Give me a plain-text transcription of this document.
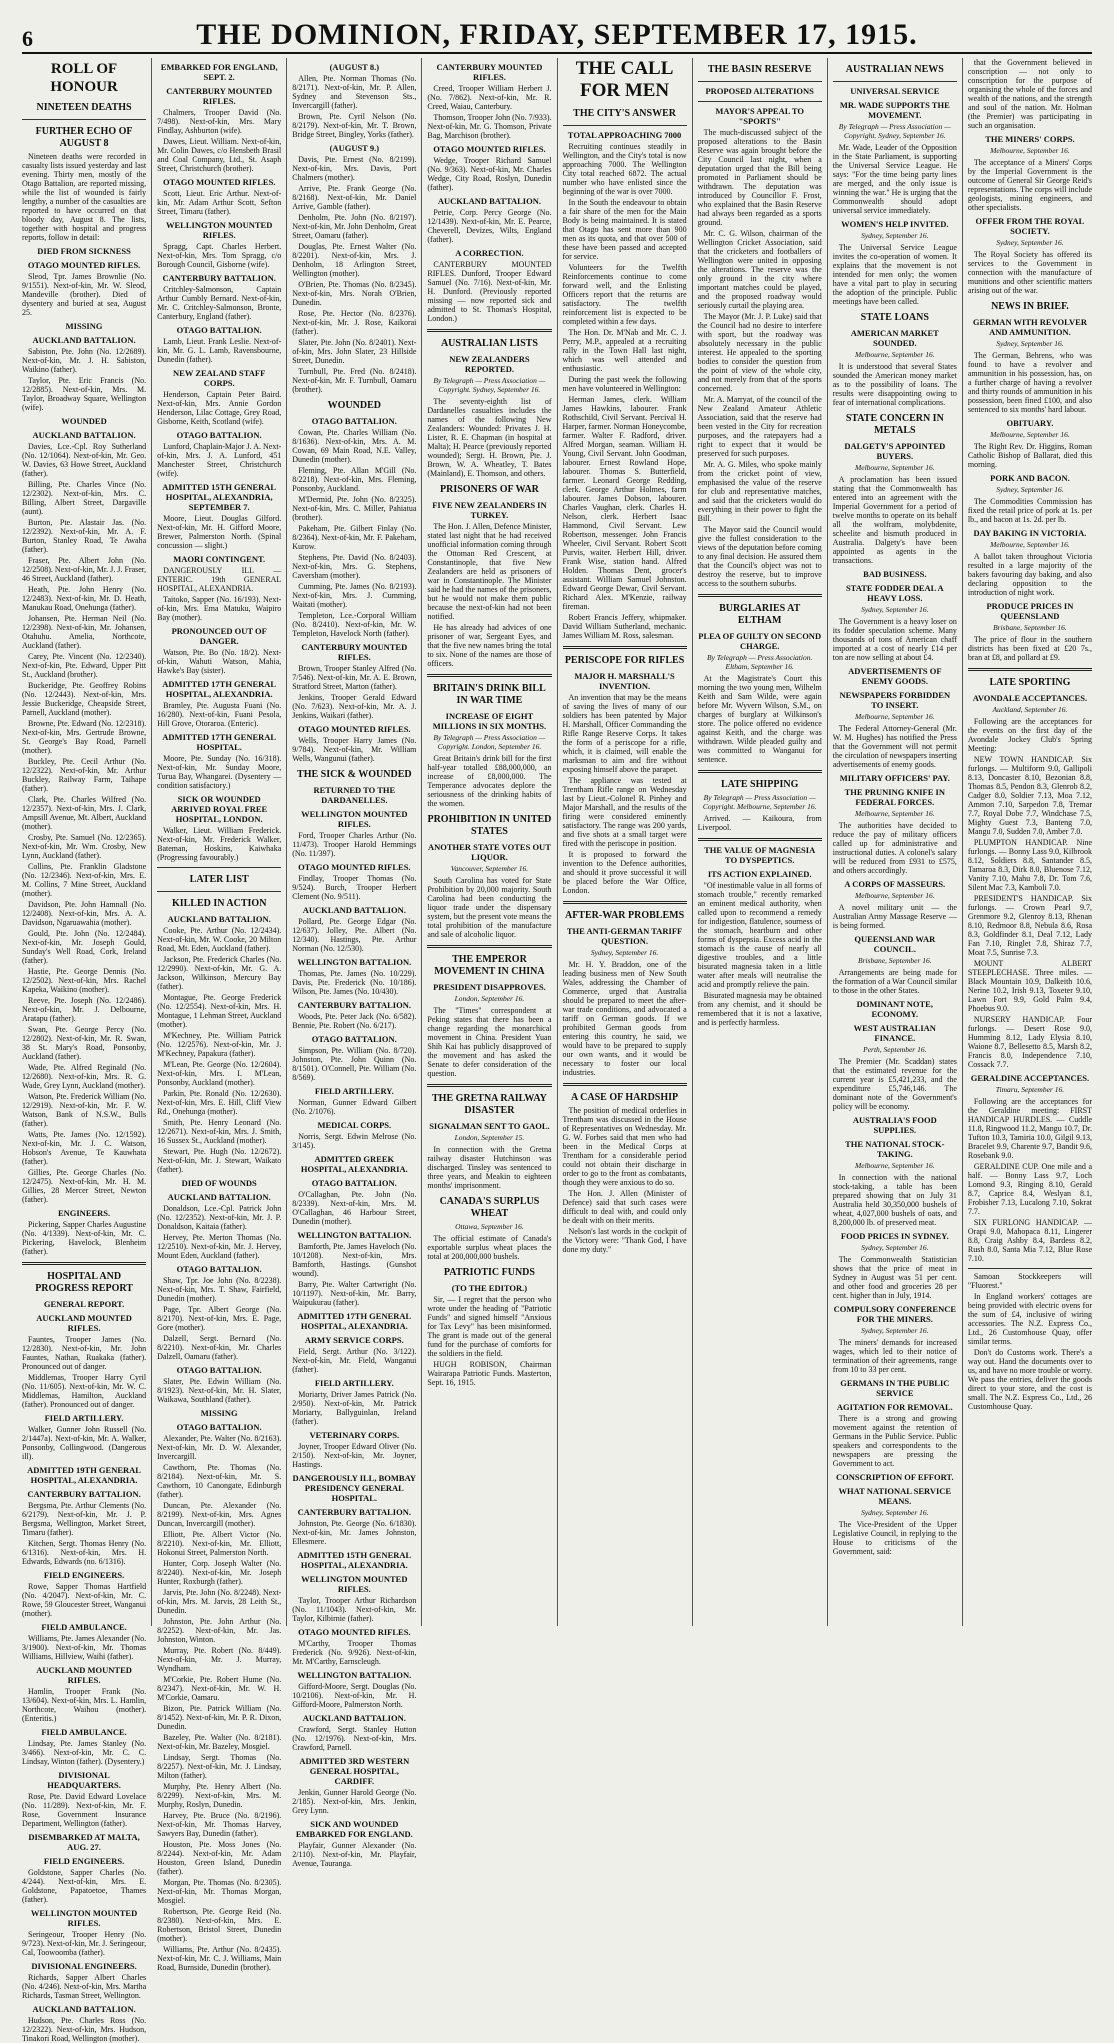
6	THE DOMINION, FRIDAY, SEPTEMBER 17, 1915.
ROLL OF HONOUR
NINETEEN DEATHS
FURTHER ECHO OF AUGUST 8

Nineteen deaths were recorded in casualty lists issued yesterday and last evening. Thirty men, mostly of the Otago Battalion, are reported missing, while the list of wounded is fairly lengthy, a number of the casualties are reported to have occurred on that bloody day, August 8. The lists, together with hospital and progress reports, follow in detail:

DIED FROM SICKNESS
OTAGO MOUNTED RIFLES.

Sleod, Tpr. James Brownlie (No. 9/1551). Next-of-kin, Mr. W. Sleod, Mandeville (brother). Died of dysentery and buried at sea, August 25.

MISSING
AUCKLAND BATTALION.

Sabiston, Pte. John (No. 12/2689). Next-of-kin, Mr. J. H. Sabiston, Waikino (father).

Taylor, Pte. Eric Francis (No. 12/2885). Next-of-kin, Mrs. M. Taylor, Broadway Square, Wellington (wife).

WOUNDED
AUCKLAND BATTALION.

Davies, Lce.-Cpl. Roy Sutherland (No. 12/1064). Next-of-kin, Mr. Geo. W. Davies, 63 Howe Street, Auckland (father).

Billing, Pte. Charles Vince (No. 12/2302). Next-of-kin, Mrs. C. Billing, Albert Street, Dargaville (aunt).

Burton, Pte. Alastair Jas. (No. 12/2392). Next-of-kin, Mr. A. F. Burton, Stanley Road, Te Awaha (father).

Fraser, Pte. Albert John (No. 12/2508). Next-of-kin, Mr. J. J. Fraser, 46 Street, Auckland (father).

Heath, Pte. John Henry (No. 12/2483). Next-of-kin, Mr. D. Heath, Manukau Road, Onehunga (father).

Johansen, Pte. Herman Neil (No. 12/2398). Next-of-kin, Mr. Johansen, Otahuhu. Amelia, Northcote, Auckland (father).

Carey, Pte. Vincent (No. 12/2340). Next-of-kin, Pte. Edward, Upper Pitt St., Auckland (brother).

Buckeridge, Pte. Geoffrey Robins (No. 12/2443). Next-of-kin, Mrs. Jessie Buckeridge, Cheapside Street, Parnell, Auckland (mother).

Browne, Pte. Edward (No. 12/2318). Next-of-kin, Mrs. Gertrude Browne, St. George's Bay Road, Parnell (mother).

Buckley, Pte. Cecil Arthur (No. 12/2322). Next-of-kin, Mr. Arthur Buckley, Railway Farm, Taihape (father).

Clark, Pte. Charles Wilfred (No. 12/2357). Next-of-kin, Mrs. J. Clark, Ampsill Avenue, Mt. Albert, Auckland (mother).

Crosby, Pte. Samuel (No. 12/2365). Next-of-kin, Mr. Wm. Crosby, New Lynn, Auckland (father).

Collins, Pte. Franklin Gladstone (No. 12/2346). Next-of-kin, Mrs. E. M. Collins, 7 Mine Street, Auckland (mother).

Davidson, Pte. John Hamnall (No. 12/2408). Next-of-kin, Mrs. A. A. Davidson, Ngaruawahia (mother).

Gould, Pte. John (No. 12/2484). Next-of-kin, Mr. Joseph Gould, Sunday's Well Road, Cork, Ireland (father).

Hastie, Pte. George Dennis (No. 12/2502). Next-of-kin, Mrs. Rachel Kapeka, Waikino (mother).

Reeve, Pte. Joseph (No. 12/2486). Next-of-kin, Mr. J. Delbourne, Aratapu (father).

Swan, Pte. George Percy (No. 12/2802). Next-of-kin, Mr. R. Swan, 38 St. Mary's Road, Ponsonby, Auckland (father).

Wade, Pte. Alfred Reginald (No. 12/2680). Next-of-kin, Mrs. R. G. Wade, Grey Lynn, Auckland (mother).

Watson, Pte. Frederick William (No. 12/2919). Next-of-kin, Mr. F. W. Watson, Bank of N.S.W., Bulls (father).

Watts, Pte. James (No. 12/1592). Next-of-kin, Mr. J. C. Watson, Hobson's Avenue, Te Kauwhata (father).

Gillies, Pte. George Charles (No. 12/2475). Next-of-kin, Mr. H. M. Gillies, 28 Mercer Street, Newton (father).

ENGINEERS.

Pickering, Sapper Charles Augustine (No. 4/1339). Next-of-kin, Mr. C. Pickering, Havelock, Blenheim (father).

HOSPITAL AND PROGRESS REPORT
GENERAL REPORT.
AUCKLAND MOUNTED RIFLES.

Fauntes, Trooper James (No. 12/2830). Next-of-kin, Mr. John Fauntes, Nathan, Ruakaka (father). Pronounced out of danger.

Middlemas, Trooper Harry Cyril (No. 11/605). Next-of-kin, Mr. W. C. Middlemas, Hamilton, Auckland (father). Pronounced out of danger.

FIELD ARTILLERY.

Walker, Gunner John Russell (No. 2/1447a). Next-of-kin, Mr. A. Walker, Ponsonby, Collingwood. (Dangerous ill).

ADMITTED 19TH GENERAL HOSPITAL, ALEXANDRIA.
CANTERBURY BATTALION.

Bergsma, Pte. Arthur Clements (No. 6/2179). Next-of-kin, Mr. J. P. Bergsma, Wellington, Market Street, Timaru (father).

Kitchen, Sergt. Thomas Henry (No. 6/1316). Next-of-kin, Mrs. H. Edwards, Edwards (no. 6/1316).

FIELD ENGINEERS.

Rowe, Sapper Thomas Hartfield (No. 4/2047). Next-of-kin, Mr. C. Rowe, 59 Gloucester Street, Wanganui (mother).

FIELD AMBULANCE.

Williams, Pte. James Alexander (No. 3/1900). Next-of-kin, Mr. Thomas Williams, Hillview, Waihi (father).

AUCKLAND MOUNTED RIFLES.

Hamlin, Trooper Frank (No. 13/604). Next-of-kin, Mrs. L. Hamlin, Northcote, Waihou (mother). (Enteritis.)

FIELD AMBULANCE.

Lindsay, Pte. James Stanley (No. 3/466). Next-of-kin, Mr. C. C. Lindsay, Winton (father). (Dysentery.)

DIVISIONAL HEADQUARTERS.

Rose, Pte. David Edward Lovelace (No. 11/289). Next-of-kin, Mr. F. Rose, Government Insurance Department, Wellington (father).

DISEMBARKED AT MALTA, AUG. 27.
FIELD ENGINEERS.

Goldstone, Sapper Charles (No. 4/244). Next-of-kin, Mrs. E. Goldstone, Papatoetoe, Thames (father).

WELLINGTON MOUNTED RIFLES.

Seringeour, Trooper Henry (No. 9/723). Next-of-kin, Mr. J. Seringeour, Cal, Toowoomba (father).

DIVISIONAL ENGINEERS.

Richards, Sapper Albert Charles (No. 4/246). Next-of-kin, Mrs. Martha Richards, Tasman Street, Wellington.

AUCKLAND BATTALION.

Hudson, Pte. Charles Ross (No. 12/2322). Next-of-kin, Mrs. Hudson, Tinakori Road, Wellington (mother).

EMBARKED FOR ENGLAND, SEPT. 2.
CANTERBURY MOUNTED RIFLES.

Chalmers, Trooper David (No. 7/498). Next-of-kin, Mrs. Mary Findlay, Ashburton (wife).

Dawes, Lieut. William. Next-of-kin, Mr. Colin Dawes, c/o Hensbeth Brasil and Coal Company, Ltd., St. Asaph Street, Christchurch (brother).

OTAGO MOUNTED RIFLES.

Scott, Lieut. Eric Arthur. Next-of-kin, Mr. Adam Arthur Scott, Sefton Street, Timaru (father).

WELLINGTON MOUNTED RIFLES.

Spragg, Capt. Charles Herbert. Next-of-kin, Mrs. Tom Spragg, c/o Borough Council, Gisborne (wife).

CANTERBURY BATTALION.

Critchley-Salmonson, Captain Arthur Cumbly Bernard. Next-of-kin, Mr. C. Critchley-Salmonson, Bronte, Canterbury, England (father).

OTAGO BATTALION.

Lamb, Lieut. Frank Leslie. Next-of-kin, Mr. G. L. Lamb, Ravensbourne, Dunedin (father).

NEW ZEALAND STAFF CORPS.

Henderson, Captain Peter Baird. Next-of-kin, Mrs. Annie Gordon Henderson, Lilac Cottage, Grey Road, Gisborne, Keith, Scotland (wife).

OTAGO BATTALION.

Lunford, Chaplain-Major J. A. Next-of-kin, Mrs. J. A. Lunford, 451 Manchester Street, Christchurch (wife).

ADMITTED 15TH GENERAL HOSPITAL, ALEXANDRIA, SEPTEMBER 7.

Moore, Lieut. Douglas Gilford. Next-of-kin, Mr. H. Gifford Moore, Brewer, Palmerston North. (Spinal concussion — slight.)

MAORI CONTINGENT.

DANGEROUSLY ILL — ENTERIC. 19th GENERAL HOSPITAL, ALEXANDRIA.

Taitoko, Sapper (No. 16/193). Next-of-kin, Mrs. Ema Matuku, Waipiro Bay (mother).

PRONOUNCED OUT OF DANGER.

Watson, Pte. Bo (No. 18/2). Next-of-kin, Wahuti Watson, Mahia, Hawke's Bay (sister).

ADMITTED 17TH GENERAL HOSPITAL, ALEXANDRIA.

Bramley, Pte. Augusta Fuani (No. 16/280). Next-of-kin, Fuani Pesola, Hill Grove, Otoraroa. (Enteric).

ADMITTED 17TH GENERAL HOSPITAL.

Moore, Pte. Sunday (No. 16/318). Next-of-kin, Mr. Sunday Moore, Turua Bay, Whangarei. (Dysentery — condition satisfactory.)

SICK OR WOUNDED ARRIVED ROYAL FREE HOSPITAL, LONDON.

Walker, Lieut. William Frederick. Next-of-kin, Mr. Frederick Walker, Bateman, Hoskins, Kaiwhaka (Progressing favourably.)

LATER LIST
KILLED IN ACTION
AUCKLAND BATTALION.

Cooke, Pte. Arthur (No. 12/2434). Next-of-kin, Mr. W. Cooke, 20 Milton Road, Mt. Eden, Auckland (father).

Jackson, Pte. Frederick Charles (No. 12/2990). Next-of-kin, Mr. G. A. Jackson, Wilkinson, Mercury Bay (father).

Montague, Pte. George Frederick (No. 12/2554). Next-of-kin, Mrs. H. Montague, 1 Lehman Street, Auckland (mother).

M'Kechney, Pte. William Patrick (No. 12/2576). Next-of-kin, Mr. J. M'Kechney, Papakura (father).

M'Lean, Pte. George (No. 12/2604). Next-of-kin, Mrs. I. M'Lean, Ponsonby, Auckland (mother).

Parkin, Pte. Ronald (No. 12/2630). Next-of-kin, Mrs. E. Hill, Cliff View Rd., Onehunga (mother).

Smith, Pte. Henry Leonard (No. 12/2671). Next-of-kin, Mrs. J. Smith, 16 Sussex St., Auckland (mother).

Stewart, Pte. Hugh (No. 12/2672). Next-of-kin, Mr. J. Stewart, Waikato (father).

DIED OF WOUNDS
AUCKLAND BATTALION.

Donaldson, Lce.-Cpl. Patrick John (No. 12/2352). Next-of-kin, Mr. J. P. Donaldson, Kaitaia (father).

Hervey, Pte. Merton Thomas (No. 12/2510). Next-of-kin, Mr. J. Hervey, Mount Eden, Auckland (father).

OTAGO BATTALION.

Shaw, Tpr. Joe John (No. 8/2238). Next-of-kin, Mrs. T. Shaw, Fairfield, Dunedin (mother).

Page, Tpr. Albert George (No. 8/2170). Next-of-kin, Mrs. E. Page, Gore (mother).

Dalzell, Sergt. Bernard (No. 8/2210). Next-of-kin, Mr. Charles Dalzell, Oamaru (father).

OTAGO BATTALION.

Slater, Pte. Edwin William (No. 8/1923). Next-of-kin, Mr. H. Slater, Waikawa, Southland (father).

MISSING
OTAGO BATTALION.

Alexander, Pte. Walter (No. 8/2163). Next-of-kin, Mr. D. W. Alexander, Invercargill.

Cawthorn, Pte. Thomas (No. 8/2184). Next-of-kin, Mr. S. Cawthorn, 10 Canongate, Edinburgh (father).

Duncan, Pte. Alexander (No. 8/2199). Next-of-kin, Mrs. Agnes Duncan, Invercargill (mother).

Elliott, Pte. Albert Victor (No. 8/2210). Next-of-kin, Mr. Elliott, Hokonui Street, Palmerston North.

Hunter, Corp. Joseph Walter (No. 8/2240). Next-of-kin, Mr. Joseph Hunter, Roxburgh (father).

Jarvis, Pte. John (No. 8/2248). Next-of-kin, Mrs. M. Jarvis, 28 Leith St., Dunedin.

Johnston, Pte. John Arthur (No. 8/2252). Next-of-kin, Mr. Jas. Johnston, Winton.

Murray, Pte. Robert (No. 8/449). Next-of-kin, Mr. J. Murray, Wyndham.

M'Corkie, Pte. Robert Hume (No. 8/2347). Next-of-kin, Mr. W. H. M'Corkie, Oamaru.

Bizon, Pte. Patrick William (No. 8/1452). Next-of-kin, Mr. P. R. Dixon, Dunedin.

Bazeley, Pte. Walter (No. 8/2181). Next-of-kin, Mr. Bazeley, Mosgiel.

Lindsay, Sergt. Thomas (No. 8/2257). Next-of-kin, Mr. J. Lindsay, Milton (father).

Murphy, Pte. Henry Albert (No. 8/2299). Next-of-kin, Mrs. M. Murphy, Roslyn, Dunedin.

Harvey, Pte. Bruce (No. 8/2196). Next-of-kin, Mr. Thomas Harvey, Sawyers Bay, Dunedin (father).

Houston, Pte. Moss Jones (No. 8/2244). Next-of-kin, Mr. Adam Houston, Green Island, Dunedin (father).

Morgan, Pte. Thomas (No. 8/2305). Next-of-kin, Mr. Thomas Morgan, Mosgiel.

Robertson, Pte. George Reid (No. 8/2380). Next-of-kin, Mrs. E. Robertson, Bristol Street, Dunedin (mother).

Williams, Pte. Arthur (No. 8/2435). Next-of-kin, Mr. C. J. Williams, Main Road, Burnside, Dunedin (brother).

(AUGUST 8.)

Allen, Pte. Norman Thomas (No. 8/2171). Next-of-kin, Mr. P. Allen, Sydney and Stevenson Sts., Invercargill (father).

Brown, Pte. Cyril Nelson (No. 8/2179). Next-of-kin, Mr. T. Brown, Bridge Street, Bingley, Yorks (father).

(AUGUST 9.)

Davis, Pte. Ernest (No. 8/2199). Next-of-kin, Mrs. Davis, Port Chalmers (mother).

Arrive, Pte. Frank George (No. 8/2168). Next-of-kin, Mr. Daniel Arrive, Gamble (father).

Denholm, Pte. John (No. 8/2197). Next-of-kin, Mr. John Denholm, Great Street, Oamaru (father).

Douglas, Pte. Ernest Walter (No. 8/2201). Next-of-kin, Mrs. J. Denholm, 18 Arlington Street, Wellington (mother).

O'Brien, Pte. Thomas (No. 8/2345). Next-of-kin, Mrs. Norah O'Brien, Dunedin.

Rose, Pte. Hector (No. 8/2376). Next-of-kin, Mr. J. Rose, Kaikorai (father).

Slater, Pte. John (No. 8/2401). Next-of-kin, Mrs. John Slater, 23 Hillside Street, Dunedin.

Turnbull, Pte. Fred (No. 8/2418). Next-of-kin, Mr. F. Turnbull, Oamaru (brother).

WOUNDED
OTAGO BATTALION.

Cowan, Pte. Charles William (No. 8/1636). Next-of-kin, Mrs. A. M. Cowan, 69 Main Road, N.E. Valley, Dunedin (mother).

Fleming, Pte. Allan M'Gill (No. 8/2218). Next-of-kin, Mrs. Fleming, Ponsonby, Auckland.

M'Dermid, Pte. John (No. 8/2325). Next-of-kin, Mrs. C. Miller, Pahiatua (brother).

Pakeham, Pte. Gilbert Finlay (No. 8/2364). Next-of-kin, Mr. F. Pakeham, Kurow.

Stephens, Pte. David (No. 8/2403). Next-of-kin, Mrs. G. Stephens, Caversham (mother).

Cumming, Pte. James (No. 8/2193). Next-of-kin, Mrs. J. Cumming, Waitati (mother).

Templeton, Lce.-Corporal William (No. 8/2410). Next-of-kin, Mr. W. Templeton, Havelock North (father).

CANTERBURY MOUNTED RIFLES.

Brown, Trooper Stanley Alfred (No. 7/546). Next-of-kin, Mr. A. E. Brown, Stratford Street, Marton (father).

Jenkins, Trooper Gerald Edward (No. 7/623). Next-of-kin, Mr. A. J. Jenkins, Waikari (father).

OTAGO MOUNTED RIFLES.

Wells, Trooper Harry James (No. 9/784). Next-of-kin, Mr. William Wells, Wangunui (father).

THE SICK & WOUNDED
RETURNED TO THE DARDANELLES.
WELLINGTON MOUNTED RIFLES.

Ford, Trooper Charles Arthur (No. 11/473). Trooper Harold Hemmings (No. 11/397).

OTAGO MOUNTED RIFLES.

Findlay, Trooper Thomas (No. 9/524). Burch, Trooper Herbert Clement (No. 9/511).

AUCKLAND BATTALION.

Pollard, Pte. George Edgar (No. 12/637). Jolley, Pte. Albert (No. 12/340). Hastings, Pte. Arthur Norman (No. 12/530).

WELLINGTON BATTALION.

Thomas, Pte. James (No. 10/229). Davis, Pte. Frederick (No. 10/186). Wilson, Pte. James (No. 10/430).

CANTERBURY BATTALION.

Woods, Pte. Peter Jack (No. 6/582). Bennie, Pte. Robert (No. 6/217).

OTAGO BATTALION.

Simpson, Pte. William (No. 8/720). Johnston, Pte. John Quinn (No. 8/1501). O'Connell, Pte. William (No. 8/569).

FIELD ARTILLERY.

Norman, Gunner Edward Gilbert (No. 2/1076).

MEDICAL CORPS.

Norris, Sergt. Edwin Melrose (No. 3/145).

ADMITTED GREEK HOSPITAL, ALEXANDRIA.
OTAGO BATTALION.

O'Callaghan, Pte. John (No. 8/2339). Next-of-kin, Mrs. M. O'Callaghan, 46 Harbour Street, Dunedin (mother).

WELLINGTON BATTALION.

Bamforth, Pte. James Haveloch (No. 10/1208). Next-of-kin, Mrs. Bamforth, Hastings. (Gunshot wound).

Barry, Pte. Walter Cartwright (No. 10/1197). Next-of-kin, Mr. Barry, Waipukurau (father).

ADMITTED 17TH GENERAL HOSPITAL, ALEXANDRIA.
ARMY SERVICE CORPS.

Field, Sergt. Arthur (No. 3/122). Next-of-kin, Mr. Field, Wanganui (father).

FIELD ARTILLERY.

Moriarty, Driver James Patrick (No. 2/950). Next-of-kin, Mr. Patrick Moriarty, Ballyguinlan, Ireland (father).

VETERINARY CORPS.

Joyner, Trooper Edward Oliver (No. 2/150). Next-of-kin, Mr. Joyner, Hastings.

DANGEROUSLY ILL, BOMBAY PRESIDENCY GENERAL HOSPITAL.
CANTERBURY BATTALION.

Johnston, Pte. George (No. 6/1830). Next-of-kin, Mr. James Johnston, Ellesmere.

ADMITTED 15TH GENERAL HOSPITAL, ALEXANDRIA.
WELLINGTON MOUNTED RIFLES.

Taylor, Trooper Arthur Richardson (No. 11/1043). Next-of-kin, Mr. Taylor, Kilbirnie (father).

OTAGO MOUNTED RIFLES.

M'Carthy, Trooper Thomas Frederick (No. 9/926). Next-of-kin, Mr. M'Carthy, Earnscleugh.

WELLINGTON BATTALION.

Gifford-Moore, Sergt. Douglas (No. 10/2106). Next-of-kin, Mr. H. Gifford-Moore, Palmerston North.

AUCKLAND BATTALION.

Crawford, Sergt. Stanley Hutton (No. 12/1976). Next-of-kin, Mrs. Crawford, Parnell.

ADMITTED 3RD WESTERN GENERAL HOSPITAL, CARDIFF.

Jenkin, Gunner Harold George (No. 2/185). Next-of-kin, Mrs. Jenkin, Grey Lynn.

SICK AND WOUNDED EMBARKED FOR ENGLAND.

Playfair, Gunner Alexander (No. 2/110). Next-of-kin, Mr. Playfair, Avenue, Tauranga.

CANTERBURY MOUNTED RIFLES.

Creed, Trooper William Herbert J. (No. 7/862). Next-of-kin, Mr. R. Creed, Waiau, Canterbury.

Thomson, Trooper John (No. 7/933). Next-of-kin, Mr. G. Thomson, Private Bag, Marchison (brother).

OTAGO MOUNTED RIFLES.

Wedge, Trooper Richard Samuel (No. 9/363). Next-of-kin, Mr. Charles Wedge, City Road, Roslyn, Dunedin (father).

AUCKLAND BATTALION.

Petrie, Corp. Percy George (No. 12/1439). Next-of-kin, Mr. E. Pearce, Cheverell, Devizes, Wilts, England (father).

A CORRECTION.

CANTERBURY MOUNTED RIFLES. Dunford, Trooper Edward Samuel (No. 7/16). Next-of-kin, Mr. H. Dunford. (Previously reported missing — now reported sick and admitted to St. Thomas's Hospital, London.)

AUSTRALIAN LISTS
NEW ZEALANDERS REPORTED.
By Telegraph — Press Association — Copyright. Sydney, September 16.

The seventy-eighth list of Dardanelles casualties includes the names of the following New Zealanders: Wounded: Privates J. H. Lister, R. E. Chapman (in hospital at Malta); H. Pearce (previously reported wounded); Sergt. H. Brown, Pte. J. Brown, W. A. Wheatley, T. Bates (Mainland), E. Thomson, and others.

PRISONERS OF WAR
FIVE NEW ZEALANDERS IN TURKEY.

The Hon. J. Allen, Defence Minister, stated last night that he had received unofficial information coming through the Ottoman Red Crescent, at Constantinople, that five New Zealanders are held as prisoners of war in Constantinople. The Minister said he had the names of the prisoners, but he would not make them public because the next-of-kin had not been notified.

He has already had advices of one prisoner of war, Sergeant Eyes, and that the five new names bring the total to six. None of the names are those of officers.

BRITAIN'S DRINK BILL IN WAR TIME
INCREASE OF EIGHT MILLIONS IN SIX MONTHS.
By Telegraph — Press Association — Copyright. London, September 16.

Great Britain's drink bill for the first half-year totalled £88,000,000, an increase of £8,000,000. The Temperance advocates deplore the seriousness of the drinking habits of the women.

PROHIBITION IN UNITED STATES
ANOTHER STATE VOTES OUT LIQUOR.
Vancouver, September 16.

South Carolina has voted for State Prohibition by 20,000 majority. South Carolina had been conducting the liquor trade under the dispensary system, but the present vote means the total prohibition of the manufacture and sale of alcoholic liquor.

THE EMPEROR MOVEMENT IN CHINA
PRESIDENT DISAPPROVES.
London, September 16.

The "Times" correspondent at Peking states that there has been a change regarding the monarchical movement in China. President Yuan Shih Kai has publicly disapproved of the movement and has asked the Senate to defer consideration of the question.

THE GRETNA RAILWAY DISASTER
SIGNALMAN SENT TO GAOL.
London, September 15.

In connection with the Gretna railway disaster Hutchinson was discharged. Tinsley was sentenced to three years, and Meakin to eighteen months' imprisonment.

CANADA'S SURPLUS WHEAT
Ottawa, September 16.

The official estimate of Canada's exportable surplus wheat places the total at 200,000,000 bushels.

PATRIOTIC FUNDS
(TO THE EDITOR.)

Sir, — I regret that the person who wrote under the heading of "Patriotic Funds" and signed himself "Anxious for Tax Levy" has been misinformed. The grant is made out of the general fund for the purchase of comforts for the soldiers in the field.

HUGH ROBISON, Chairman Wairarapa Patriotic Funds. Masterton, Sept. 16, 1915.

THE CALL FOR MEN
THE CITY'S ANSWER
TOTAL APPROACHING 7000

Recruiting continues steadily in Wellington, and the City's total is now approaching 7000. The Wellington City total reached 6872. The actual number who have enlisted since the beginning of the war is over 7000.

In the South the endeavour to obtain a fair share of the men for the Main Body is being maintained. It is stated that Otago has sent more than 900 men as its quota, and that over 500 of these have been passed and accepted for service.

Volunteers for the Twelfth Reinforcements continue to come forward well, and the Enlisting Officers report that the returns are satisfactory. The twelfth reinforcement list is expected to be completed within a few days.

The Hon. Dr. M'Nab and Mr. C. J. Perry, M.P., appealed at a recruiting rally in the Town Hall last night, which was well attended and enthusiastic.

During the past week the following men have volunteered in Wellington:

Herman James, clerk. William James Hawkins, labourer. Frank Rothschild, Civil Servant. Percival H. Harper, farmer. Norman Honeycombe, farmer. Walter F. Radford, driver. Alfred Morgan, seaman. William H. Young, Civil Servant. John Goodman, labourer. Ernest Rowland Hope, labourer. Thomas S. Butterfield, farmer. Leonard George Redding, clerk. George Arthur Holmes, farm labourer. James Dobson, labourer. Charles Vaughan, clerk. Charles H. Nelson, clerk. Herbert Isaac Hammond, Civil Servant. Lew Robertson, messenger. John Francis Wheeler, Civil Servant. Robert Scott Purvis, waiter. Herbert Hill, driver. Frank Wise, station hand. Alfred Holden. Thomas Dent, grocer's assistant. William Samuel Johnston. Edward George Dewar, Civil Servant. Richard Alex. M'Kenzie, railway fireman.

Robert Francis Jeffery, whipmaker. David William Sutherland, mechanic. James William M. Ross, salesman.

PERISCOPE FOR RIFLES
MAJOR H. MARSHALL'S INVENTION.

An invention that may be the means of saving the lives of many of our soldiers has been patented by Major H. Marshall, Officer Commanding the Rifle Range Reserve Corps. It takes the form of a periscope for a rifle, which, it is claimed, will enable the marksman to aim and fire without exposing himself above the parapet.

The appliance was tested at Trentham Rifle range on Wednesday last by Lieut.-Colonel R. Pinhey and Major Marshall, and the results of the firing were considered eminently satisfactory. The range was 200 yards, and five shots at a small target were fired with the periscope in position.

It is proposed to forward the invention to the Defence authorities, and should it prove successful it will be placed before the War Office, London.

AFTER-WAR PROBLEMS
THE ANTI-GERMAN TARIFF QUESTION.
Sydney, September 16.

Mr. H. Y. Braddon, one of the leading business men of New South Wales, addressing the Chamber of Commerce, urged that Australia should be prepared to meet the after-war trade conditions, and advocated a tariff on German goods. If we prohibited German goods from entering this country, he said, we would have to be prepared to supply our own wants, and it would be necessary to foster our local industries.

A CASE OF HARDSHIP

The position of medical orderlies in Trentham was discussed in the House of Representatives on Wednesday. Mr. G. W. Forbes said that men who had been in the Medical Corps at Trentham for a considerable period could not obtain their discharge in order to go to the front as combatants, though they were anxious to do so.

The Hon. J. Allen (Minister of Defence) said that such cases were difficult to deal with, and could only be dealt with on their merits.

Nelson's last words in the cockpit of the Victory were: "Thank God, I have done my duty."

THE BASIN RESERVE
PROPOSED ALTERATIONS
MAYOR'S APPEAL TO "SPORTS"

The much-discussed subject of the proposed alterations to the Basin Reserve was again brought before the City Council last night, when a deputation urged that the Bill being promoted in Parliament should be withdrawn. The deputation was introduced by Councillor F. Frost, who explained that the Basin Reserve had always been regarded as a sports ground.

Mr. C. G. Wilson, chairman of the Wellington Cricket Association, said that the cricketers and footballers of Wellington were united in opposing the alterations. The reserve was the only ground in the city where important matches could be played, and the proposed roadway would seriously curtail the playing area.

The Mayor (Mr. J. P. Luke) said that the Council had no desire to interfere with sport, but the roadway was absolutely necessary in the public interest. He appealed to the sporting bodies to consider the question from the point of view of the whole city, and not merely from that of the sports concerned.

Mr. A. Marryat, of the council of the New Zealand Amateur Athletic Association, said that the reserve had been vested in the City for recreation purposes, and the ratepayers had a right to expect that it would be preserved for such purposes.

Mr. A. G. Miles, who spoke mainly from the cricket point of view, emphasised the value of the reserve for club and representative matches, and said that the cricketers would do everything in their power to fight the Bill.

The Mayor said the Council would give the fullest consideration to the views of the deputation before coming to any final decision. He assured them that the Council's object was not to destroy the reserve, but to improve access to the southern suburbs.

BURGLARIES AT ELTHAM
PLEA OF GUILTY ON SECOND CHARGE.
By Telegraph — Press Association. Eltham, September 16.

At the Magistrate's Court this morning the two young men, Wilhelm Keith and Sam Wilde, were again before Mr. Wyvern Wilson, S.M., on charges of burglary at Wilkinson's store. The police offered no evidence against Keith, and the charge was withdrawn. Wilde pleaded guilty and was committed to Wanganui for sentence.

LATE SHIPPING
By Telegraph — Press Association — Copyright. Melbourne, September 16.

Arrived. — Kaikoura, from Liverpool.

THE VALUE OF MAGNESIA TO DYSPEPTICS.
ITS ACTION EXPLAINED.

"Of inestimable value in all forms of stomach trouble," recently remarked an eminent medical authority, when called upon to recommend a remedy for indigestion, flatulence, sourness of the stomach, heartburn and other forms of dyspepsia. Excess acid in the stomach is the cause of nearly all digestive troubles, and a little bisurated magnesia taken in a little water after meals will neutralise the acid and promptly relieve the pain.

Bisurated magnesia may be obtained from any chemist, and it should be remembered that it is not a laxative, and is perfectly harmless.

AUSTRALIAN NEWS
UNIVERSAL SERVICE
MR. WADE SUPPORTS THE MOVEMENT.
By Telegraph — Press Association — Copyright. Sydney, September 16.

Mr. Wade, Leader of the Opposition in the State Parliament, is supporting the Universal Service League. He says: "For the time being party lines are merged, and the only issue is winning the war." He is urging that the Commonwealth should adopt universal service immediately.

WOMEN'S HELP INVITED.
Sydney, September 16.

The Universal Service League invites the co-operation of women. It explains that the movement is not intended for men only; the women have a vital part to play in securing the adoption of the principle. Public meetings have been called.

STATE LOANS
AMERICAN MARKET SOUNDED.
Melbourne, September 16.

It is understood that several States sounded the American money market as to the possibility of loans. The results were disappointing owing to fear of international complications.

STATE CONCERN IN METALS
DALGETY'S APPOINTED BUYERS.
Melbourne, September 16.

A proclamation has been issued stating that the Commonwealth has entered into an agreement with the Imperial Government for a period of twelve months to operate on its behalf all the wolfram, molybdenite, scheelite and bismuth produced in Australia. Dalgety's have been appointed as agents in the transactions.

BAD BUSINESS.
STATE FODDER DEAL A HEAVY LOSS.
Sydney, September 16.

The Government is a heavy loser on its fodder speculation scheme. Many thousands of tons of American chaff imported at a cost of nearly £14 per ton are now selling at about £4.

ADVERTISEMENTS OF ENEMY GOODS.
NEWSPAPERS FORBIDDEN TO INSERT.
Melbourne, September 16.

The Federal Attorney-General (Mr. W. M. Hughes) has notified the Press that the Government will not permit the circulation of newspapers inserting advertisements of enemy goods.

MILITARY OFFICERS' PAY.
THE PRUNING KNIFE IN FEDERAL FORCES.
Melbourne, September 16.

The authorities have decided to reduce the pay of military officers called up for administrative and instructional duties. A colonel's salary will be reduced from £931 to £575, and others accordingly.

A CORPS OF MASSEURS.
Melbourne, September 16.

A novel military unit — the Australian Army Massage Reserve — is being formed.

QUEENSLAND WAR COUNCIL.
Brisbane, September 16.

Arrangements are being made for the formation of a War Council similar to those in the other States.

DOMINANT NOTE, ECONOMY.
WEST AUSTRALIAN FINANCE.
Perth, September 16.

The Premier (Mr. Scaddan) states that the estimated revenue for the current year is £5,421,233, and the expenditure £5,746,146. The dominant note of the Government's policy will be economy.

AUSTRALIA'S FOOD SUPPLIES.
THE NATIONAL STOCK-TAKING.
Melbourne, September 16.

In connection with the national stock-taking, a table has been prepared showing that on July 31 Australia held 30,350,000 bushels of wheat, 4,027,000 bushels of oats, and 8,200,000 lb. of preserved meat.

FOOD PRICES IN SYDNEY.
Sydney, September 16.

The Commonwealth Statistician shows that the price of meat in Sydney in August was 51 per cent. and other food and groceries 28 per cent. higher than in July, 1914.

COMPULSORY CONFERENCE FOR THE MINERS.
Sydney, September 16.

The miners' demands for increased wages, which led to their notice of termination of their agreements, range from 10 to 33 per cent.

GERMANS IN THE PUBLIC SERVICE
AGITATION FOR REMOVAL.

There is a strong and growing movement against the retention of Germans in the Public Service. Public speakers and correspondents to the newspapers are pressing the Government to act.

CONSCRIPTION OF EFFORT.
WHAT NATIONAL SERVICE MEANS.
Sydney, September 16.

The Vice-President of the Upper Legislative Council, in replying to the House to criticisms of the Government, said:

that the Government believed in conscription — not only to conscription for the purpose of organising the whole of the forces and wealth of the nations, and the strength and soul of the nation. Mr. Holman (the Premier) was participating in such an organisation.

THE MINERS' CORPS.
Melbourne, September 16.

The acceptance of a Miners' Corps by the Imperial Government is the outcome of General Sir George Reid's representations. The corps will include geologists, mining engineers, and other specialists.

OFFER FROM THE ROYAL SOCIETY.
Sydney, September 16.

The Royal Society has offered its services to the Government in connection with the manufacture of munitions and other scientific matters arising out of the war.

NEWS IN BRIEF.
GERMAN WITH REVOLVER AND AMMUNITION.
Sydney, September 16.

The German, Behrens, who was found to have a revolver and ammunition in his possession, has, on a further charge of having a revolver and thirty rounds of ammunition in his possession, been fined £100, and also sentenced to six months' hard labour.

OBITUARY.
Melbourne, September 16.

The Right Rev. Dr. Higgins, Roman Catholic Bishop of Ballarat, died this morning.

PORK AND BACON.
Sydney, September 16.

The Commodities Commission has fixed the retail price of pork at 1s. per lb., and bacon at 1s. 2d. per lb.

DAY BAKING IN VICTORIA.
Melbourne, September 16.

A ballot taken throughout Victoria resulted in a large majority of the bakers favouring day baking, and also declaring opposition to the introduction of night work.

PRODUCE PRICES IN QUEENSLAND
Brisbane, September 16.

The price of flour in the southern districts has been fixed at £20 7s., bran at £8, and pollard at £9.

LATE SPORTING
AVONDALE ACCEPTANCES.
Auckland, September 16.

Following are the acceptances for the events on the first day of the Avondale Jockey Club's Spring Meeting:

NEW TOWN HANDICAP. Six furlongs. — Multiform 9.0, Gallipoli 8.13, Doncaster 8.10, Bezonian 8.8, Thomas 8.5, Pendon 8.3, Glenrob 8.2, Cadger 8.0, Soldier 7.13, Moa 7.12, Ammon 7.10, Sarpedon 7.8, Tremar 7.7, Royal Dobe 7.7, Windchase 7.5, Mighty Guest 7.3, Banteng 7.0, Mangu 7.0, Sudden 7.0, Amber 7.0.

PLUMPTON HANDICAP. Nine furlongs. — Bonny Lass 9.0, Kilbrook 8.12, Soldiers 8.8, Santander 8.5, Tamaroa 8.3, Dirk 8.0, Bluenose 7.12, Vanity 7.10, Mahu 7.8, Dr. Tom 7.6, Silent Mac 7.3, Kamboli 7.0.

PRESIDENT'S HANDICAP. Six furlongs. — Crown Pearl 9.7, Grenmore 9.2, Glenroy 8.13, Rhenan 8.10, Redmoor 8.8, Nebula 8.6, Rosa 8.3, Goldfinder 8.1, Deal 7.12, Lady Fan 7.10, Ringlet 7.8, Shiraz 7.7, Moat 7.5, Sunrise 7.3.

MOUNT ALBERT STEEPLECHASE. Three miles. — Black Mountain 10.9, Dalkeith 10.6, Nerine 10.2, Irish 9.13, Toxeter 9.10, Lawn Fort 9.9, Gold Palm 9.4, Phoebus 9.0.

NURSERY HANDICAP. Four furlongs. — Desert Rose 9.0, Humming 8.12, Lady Elysia 8.10, Waione 8.7, Bellesetto 8.5, Marsh 8.2, Francis 8.0, Independence 7.10, Cossack 7.7.

GERALDINE ACCEPTANCES.
Timaru, September 16.

Following are the acceptances for the Geraldine meeting: FIRST HANDICAP HURDLES. — Cuddle 11.8, Ringwood 11.2, Mangu 10.7, Dr. Tufton 10.3, Tamiria 10.0, Gilgil 9.13, Bracelet 9.9, Charente 9.7, Bandit 9.6, Rosebank 9.0.

GERALDINE CUP. One mile and a half. — Bonny Lass 9.7, Loch Lomond 9.3, Ringing 8.10, Gerald 8.7, Caprice 8.4, Weslyan 8.1, Frobisher 7.13, Lucalong 7.10, Sokrat 7.7.

SIX FURLONG HANDICAP. — Orapi 9.0, Mahopaca 8.11, Lingerer 8.8, Craig Ashby 8.4, Bardess 8.2, Rush 8.0, Santa Mia 7.12, Blue Rose 7.10.

Samoan Stockkeepers will "Fluorest."

In England workers' cottages are being provided with electric ovens for the sum of £4, inclusive of wiring accessories. The N.Z. Express Co., Ltd., 26 Customhouse Quay, offer similar terms.

Don't do Customs work. There's a way out. Hand the documents over to us, and have no more trouble or worry. We pass the entries, deliver the goods direct to your store, and the cost is small. The N.Z. Express Co., Ltd., 26 Customhouse Quay.
